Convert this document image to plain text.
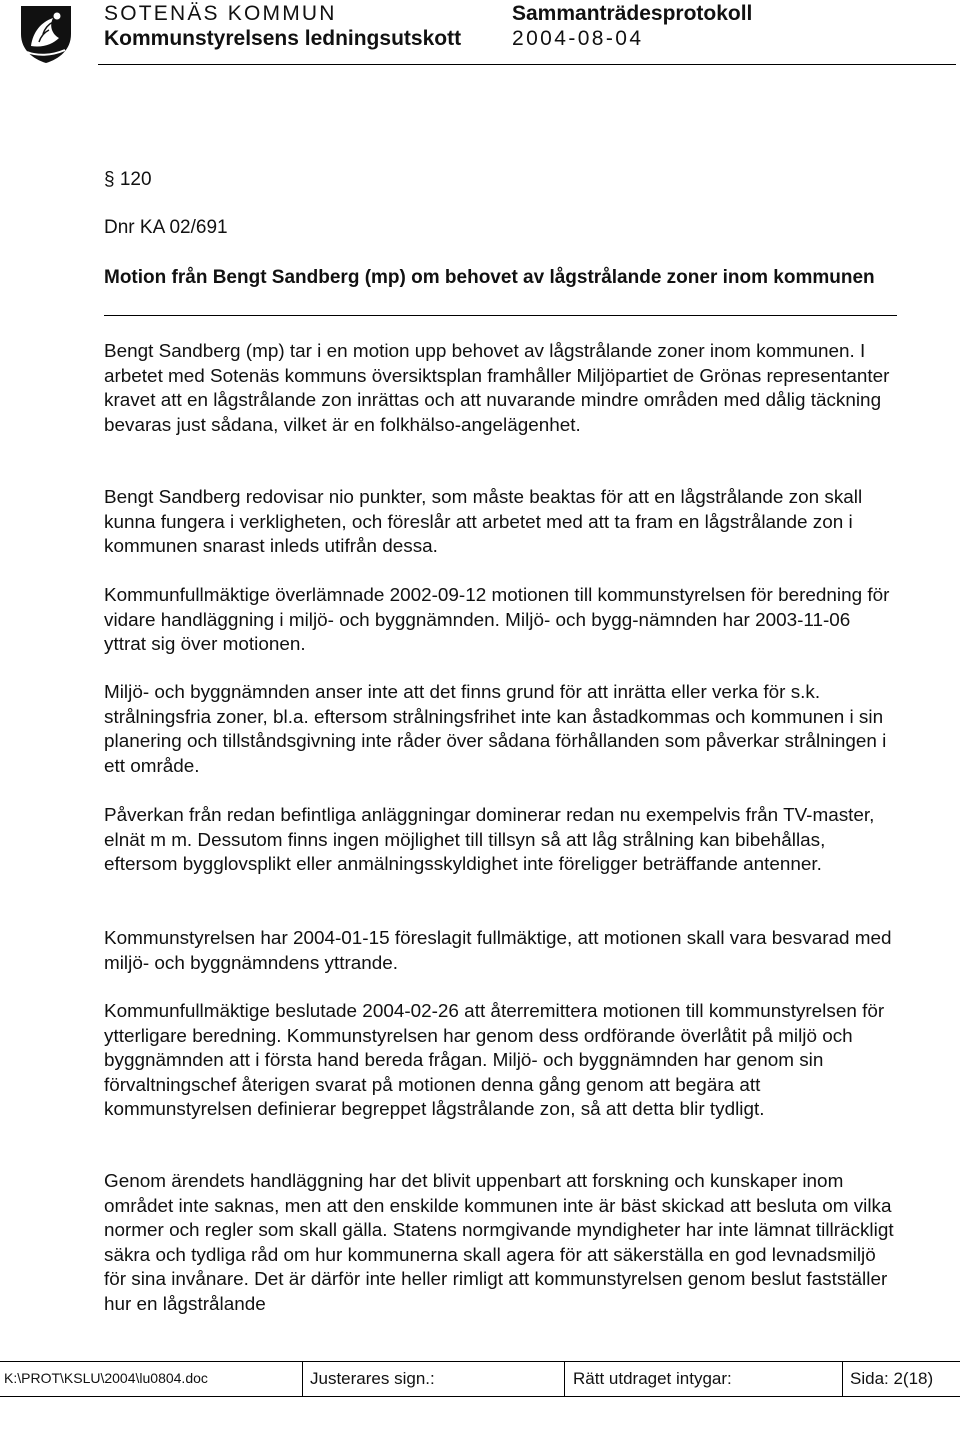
SOTENÄS KOMMUN
Kommunstyrelsens ledningsutskott
Sammanträdesprotokoll
2004-08-04
§ 120
Dnr KA 02/691
Motion från Bengt Sandberg (mp) om behovet av lågstrålande zoner inom kommunen

Bengt Sandberg (mp) tar i en motion upp behovet av lågstrålande zoner inom kommunen. I arbetet med Sotenäs kommuns översiktsplan framhåller Miljöpartiet de Grönas representanter kravet att en lågstrålande zon inrättas och att nuvarande mindre områden med dålig täckning bevaras just sådana, vilket är en folkhälso-angelägenhet.

Bengt Sandberg redovisar nio punkter, som måste beaktas för att en lågstrålande zon skall kunna fungera i verkligheten, och föreslår att arbetet med att ta fram en lågstrålande zon i kommunen snarast inleds utifrån dessa.

Kommunfullmäktige överlämnade 2002-09-12 motionen till kommunstyrelsen för beredning för vidare handläggning i miljö- och byggnämnden. Miljö- och bygg-nämnden har 2003-11-06 yttrat sig över motionen.

Miljö- och byggnämnden anser inte att det finns grund för att inrätta eller verka för s.k. strålningsfria zoner, bl.a. eftersom strålningsfrihet inte kan åstadkommas och kommunen i sin planering och tillståndsgivning inte råder över sådana förhållanden som påverkar strålningen i ett område.

Påverkan från redan befintliga anläggningar dominerar redan nu exempelvis från TV-master, elnät m m. Dessutom finns ingen möjlighet till tillsyn så att låg strålning kan bibehållas, eftersom bygglovsplikt eller anmälningsskyldighet inte föreligger beträffande antenner.

Kommunstyrelsen har 2004-01-15 föreslagit fullmäktige, att motionen skall vara besvarad med miljö- och byggnämndens yttrande.

Kommunfullmäktige beslutade 2004-02-26 att återremittera motionen till kommunstyrelsen för ytterligare beredning. Kommunstyrelsen har genom dess ordförande överlåtit på miljö och byggnämnden att i första hand bereda frågan. Miljö- och byggnämnden har genom sin förvaltningschef återigen svarat på motionen denna gång genom att begära att kommunstyrelsen definierar begreppet lågstrålande zon, så att detta blir tydligt.

Genom ärendets handläggning har det blivit uppenbart att forskning och kunskaper inom området inte saknas, men att den enskilde kommunen inte är bäst skickad att besluta om vilka normer och regler som skall gälla. Statens normgivande myndigheter har inte lämnat tillräckligt säkra och tydliga råd om hur kommunerna skall agera för att säkerställa en god levnadsmiljö för sina invånare. Det är därför inte heller rimligt att kommunstyrelsen genom beslut fastställer hur en lågstrålande

K:\PROT\KSLU\2004\lu0804.doc	Justerares sign.:	Rätt utdraget intygar:	Sida: 2(18)
